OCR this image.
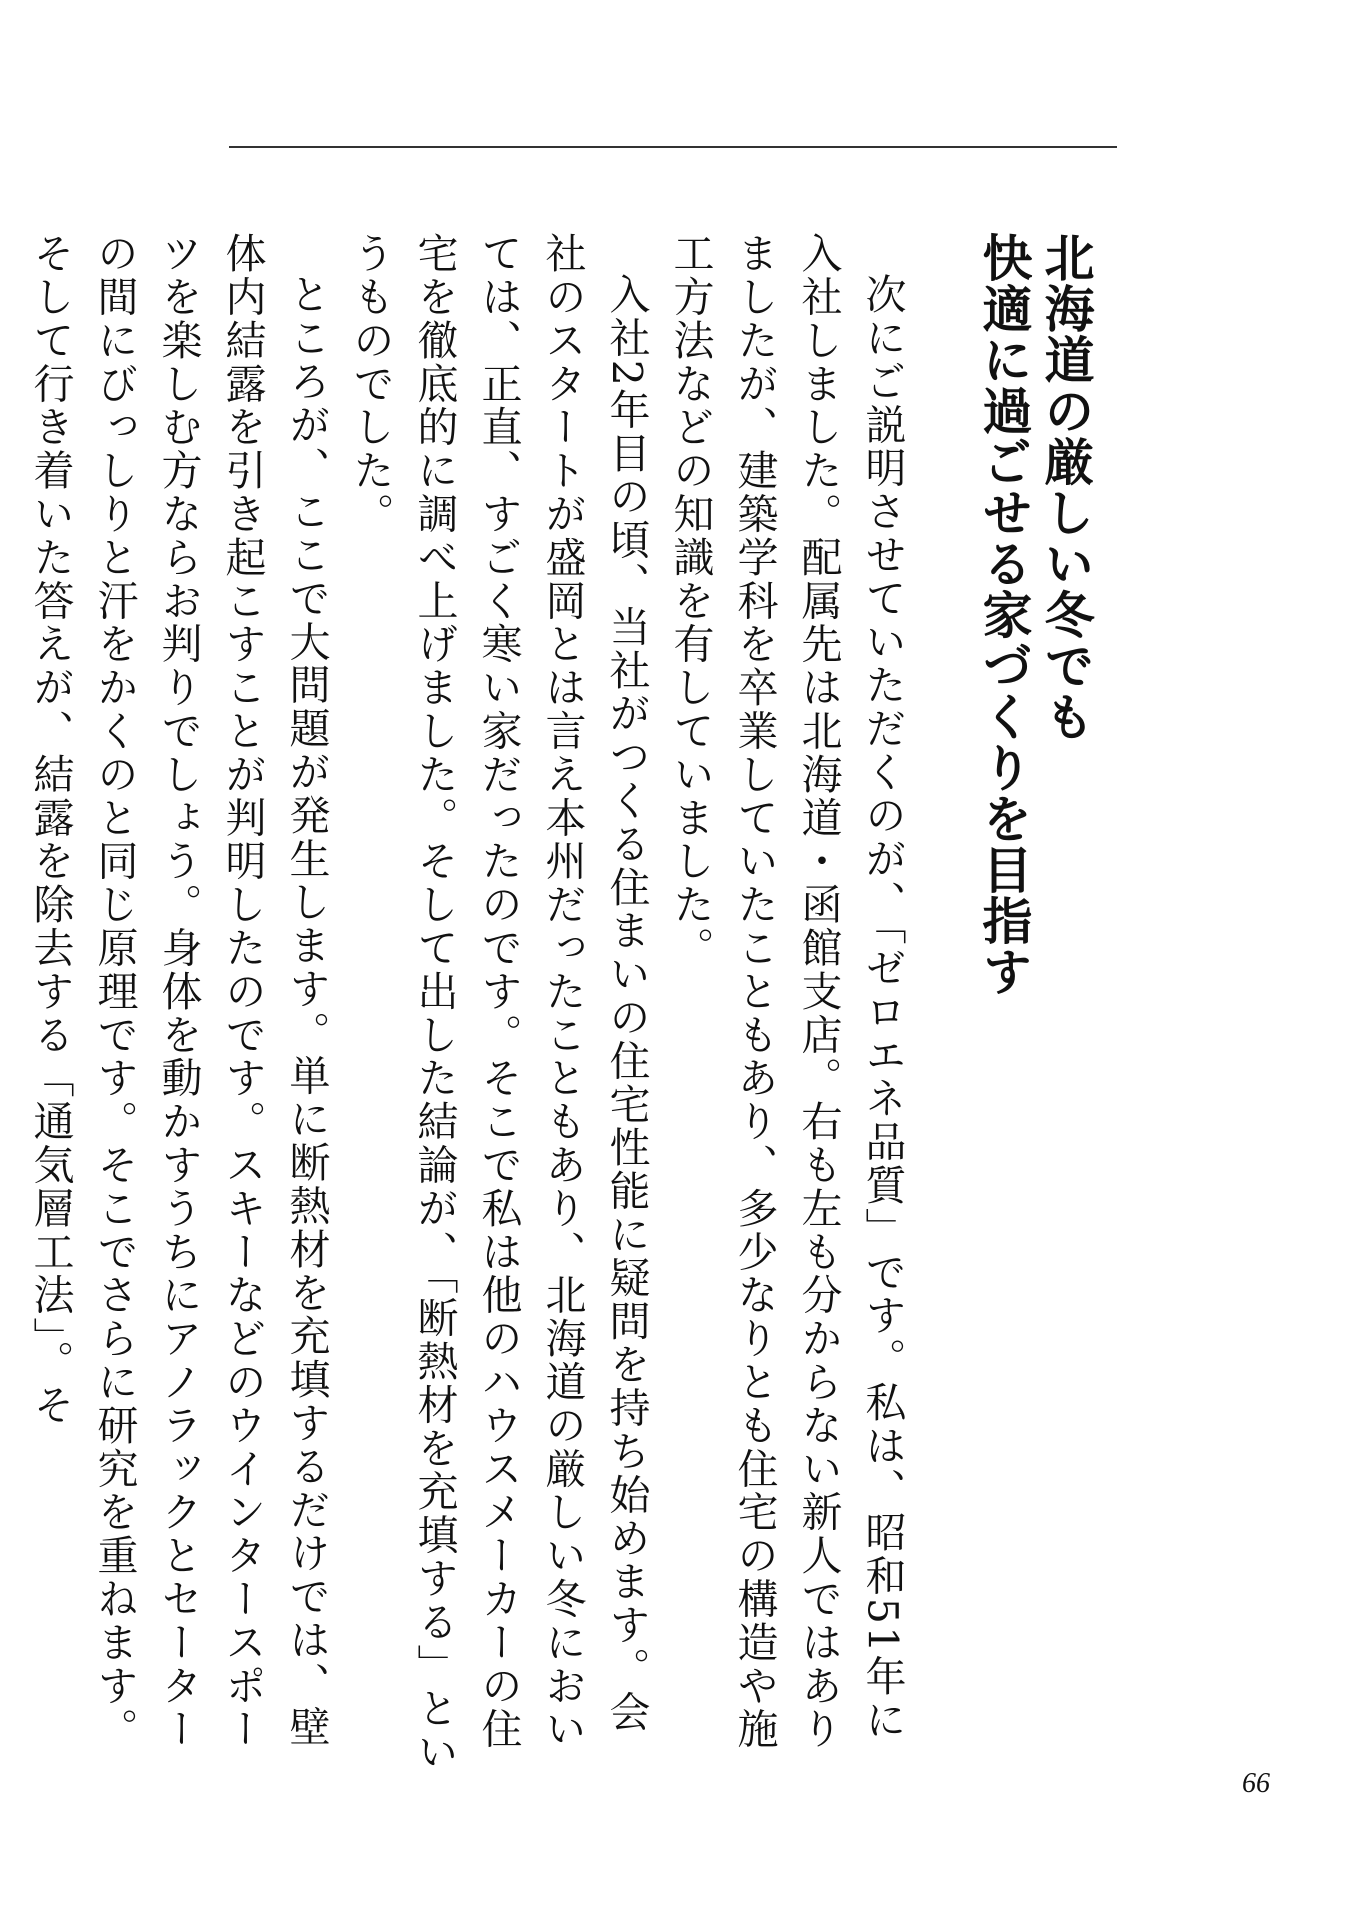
北海道の厳しい冬でも
快適に過ごせる家づくりを目指す

次にご説明させていただくのが、「ゼロエネ品質」です。私は、昭和51年に入社しました。配属先は北海道・函館支店。右も左も分からない新人ではありましたが、建築学科を卒業していたこともあり、多少なりとも住宅の構造や施工方法などの知識を有していました。

入社2年目の頃、当社がつくる住まいの住宅性能に疑問を持ち始めます。会社のスタートが盛岡とは言え本州だったこともあり、北海道の厳しい冬においては、正直、すごく寒い家だったのです。そこで私は他のハウスメーカーの住宅を徹底的に調べ上げました。そして出した結論が、「断熱材を充填する」というものでした。

ところが、ここで大問題が発生します。単に断熱材を充填するだけでは、壁体内結露を引き起こすことが判明したのです。スキーなどのウインタースポーツを楽しむ方ならお判りでしょう。身体を動かすうちにアノラックとセーターの間にびっしりと汗をかくのと同じ原理です。そこでさらに研究を重ねます。そして行き着いた答えが、結露を除去する「通気層工法」。そ

66
